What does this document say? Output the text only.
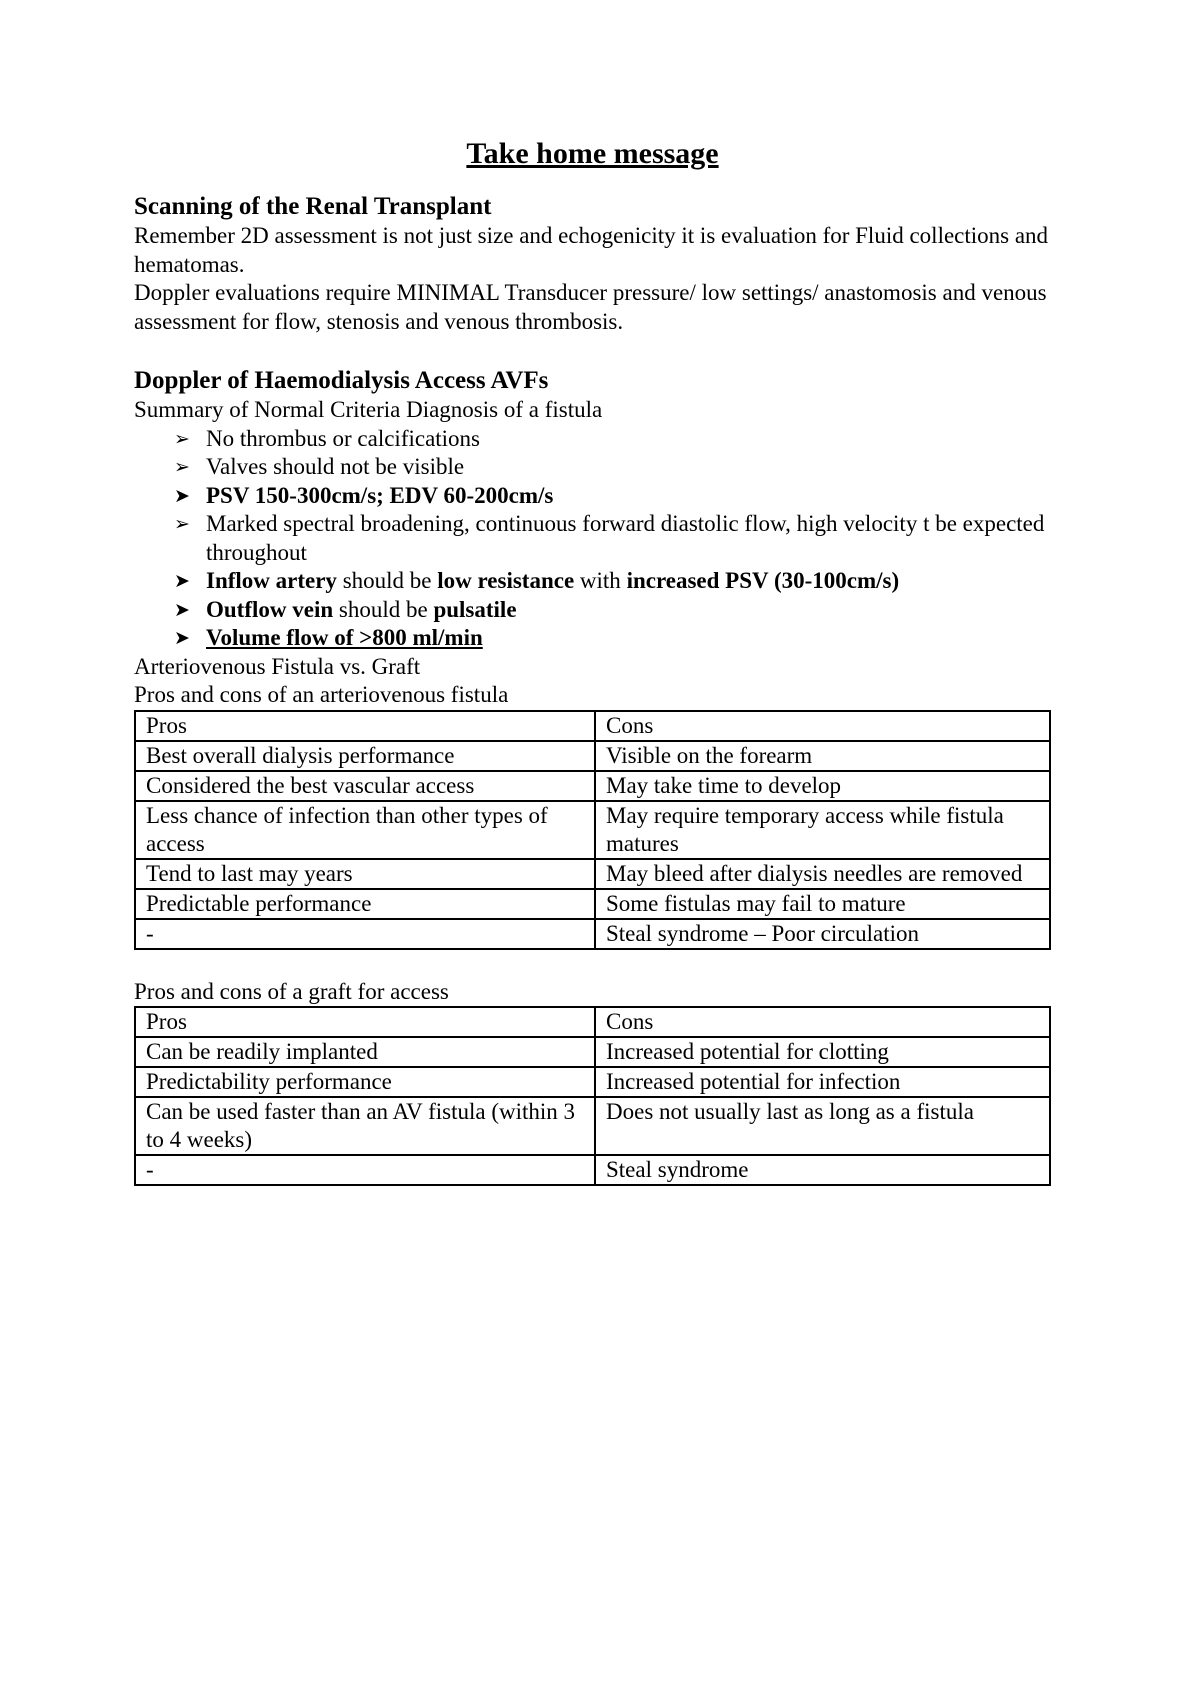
Take home message
Scanning of the Renal Transplant

Remember 2D assessment is not just size and echogenicity it is evaluation for Fluid collections and hematomas.

Doppler evaluations require MINIMAL Transducer pressure/ low settings/ anastomosis and venous assessment for flow, stenosis and venous thrombosis.

Doppler of Haemodialysis Access AVFs

Summary of Normal Criteria Diagnosis of a fistula

➢ No thrombus or calcifications
➢ Valves should not be visible
➤ PSV 150-300cm/s; EDV 60-200cm/s
➢ Marked spectral broadening, continuous forward diastolic flow, high velocity t be expected throughout
➤ Inflow artery should be low resistance with increased PSV (30-100cm/s)
➤ Outflow vein should be pulsatile
➤ Volume flow of >800 ml/min

Arteriovenous Fistula vs. Graft

Pros and cons of an arteriovenous fistula

Pros	Cons
Best overall dialysis performance	Visible on the forearm
Considered the best vascular access	May take time to develop
Less chance of infection than other types of access	May require temporary access while fistula matures
Tend to last may years	May bleed after dialysis needles are removed
Predictable performance	Some fistulas may fail to mature
-	Steal syndrome – Poor circulation

Pros and cons of a graft for access

Pros	Cons
Can be readily implanted	Increased potential for clotting
Predictability performance	Increased potential for infection
Can be used faster than an AV fistula (within 3 to 4 weeks)	Does not usually last as long as a fistula
-	Steal syndrome
